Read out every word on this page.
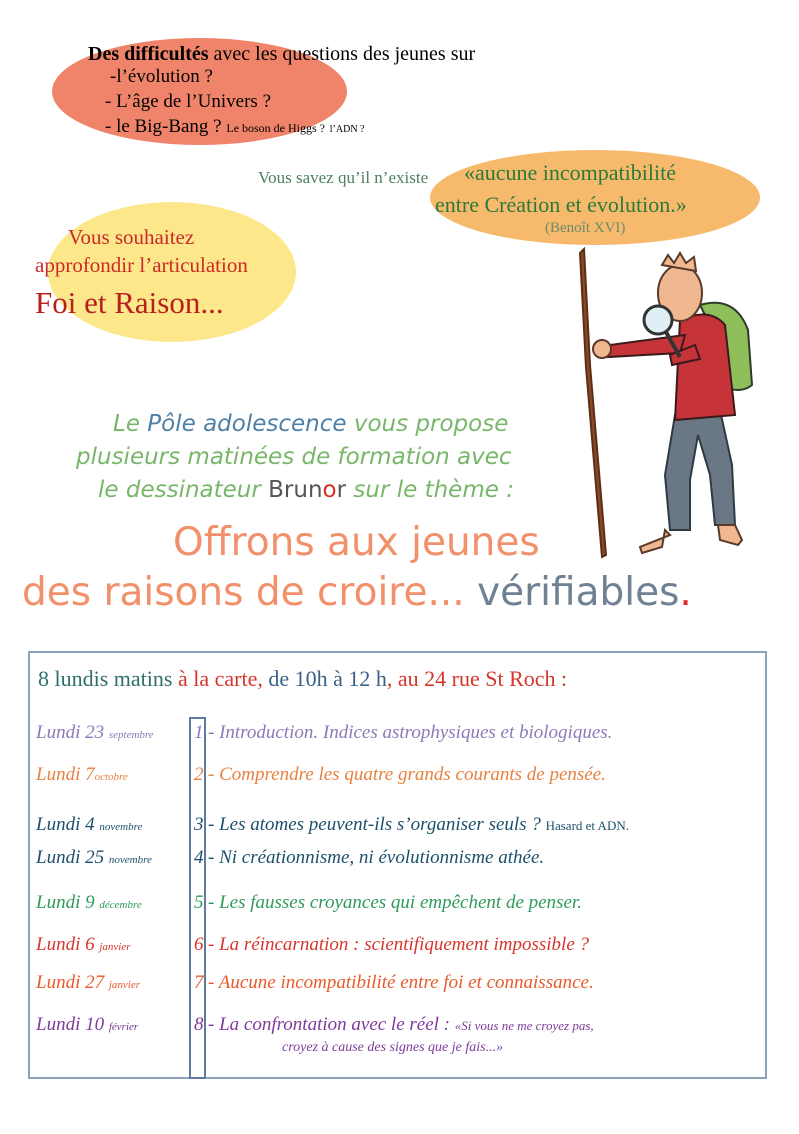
Des difficultés avec les questions des jeunes sur
-l’évolution ?
- L’âge de l’Univers ?
- le Big-Bang ? Le boson de Higgs ? l’ADN ?
Vous savez qu’il n’existe «aucune incompatibilité
entre Création et évolution.»
(Benoît XVI)
Vous souhaitez
approfondir l’articulation
Foi et Raison...
Le Pôle adolescence vous propose
plusieurs matinées de formation avec
le dessinateur Brunor sur le thème :
Offrons aux jeunes
des raisons de croire... vérifiables.
8 lundis matins à la carte, de 10h à 12 h, au 24 rue St Roch :
Lundi 23 septembre	1 - Introduction. Indices astrophysiques et biologiques.
Lundi 7octobre	2 - Comprendre les quatre grands courants de pensée.
Lundi 4 novembre	3 - Les atomes peuvent-ils s’organiser seuls ? Hasard et ADN.
Lundi 25 novembre	4 - Ni créationnisme, ni évolutionnisme athée.
Lundi 9 décembre	5 - Les fausses croyances qui empêchent de penser.
Lundi 6 janvier	6 - La réincarnation : scientifiquement impossible ?
Lundi 27 janvier	7 - Aucune incompatibilité entre foi et connaissance.
Lundi 10 février	8 - La confrontation avec le réel : «Si vous ne me croyez pas,
croyez à cause des signes que je fais...»
